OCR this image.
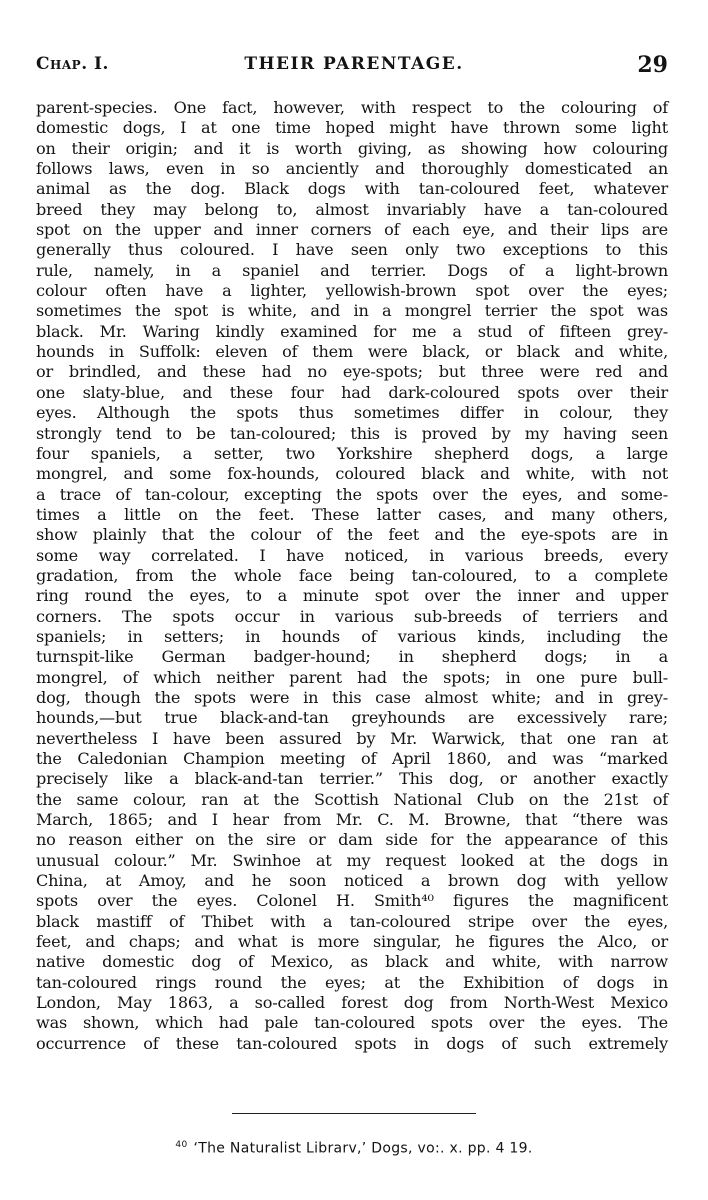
Chap. I.	THEIR PARENTAGE.	29
parent-species. One fact, however, with respect to the colouring of
domestic dogs, I at one time hoped might have thrown some light
on their origin; and it is worth giving, as showing how colouring
follows laws, even in so anciently and thoroughly domesticated an
animal as the dog. Black dogs with tan-coloured feet, whatever
breed they may belong to, almost invariably have a tan-coloured
spot on the upper and inner corners of each eye, and their lips are
generally thus coloured. I have seen only two exceptions to this
rule, namely, in a spaniel and terrier. Dogs of a light-brown
colour often have a lighter, yellowish-brown spot over the eyes;
sometimes the spot is white, and in a mongrel terrier the spot was
black. Mr. Waring kindly examined for me a stud of fifteen grey-
hounds in Suffolk: eleven of them were black, or black and white,
or brindled, and these had no eye-spots; but three were red and
one slaty-blue, and these four had dark-coloured spots over their
eyes. Although the spots thus sometimes differ in colour, they
strongly tend to be tan-coloured; this is proved by my having seen
four spaniels, a setter, two Yorkshire shepherd dogs, a large
mongrel, and some fox-hounds, coloured black and white, with not
a trace of tan-colour, excepting the spots over the eyes, and some-
times a little on the feet. These latter cases, and many others,
show plainly that the colour of the feet and the eye-spots are in
some way correlated. I have noticed, in various breeds, every
gradation, from the whole face being tan-coloured, to a complete
ring round the eyes, to a minute spot over the inner and upper
corners. The spots occur in various sub-breeds of terriers and
spaniels; in setters; in hounds of various kinds, including the
turnspit-like German badger-hound; in shepherd dogs; in a
mongrel, of which neither parent had the spots; in one pure bull-
dog, though the spots were in this case almost white; and in grey-
hounds,—but true black-and-tan greyhounds are excessively rare;
nevertheless I have been assured by Mr. Warwick, that one ran at
the Caledonian Champion meeting of April 1860, and was “marked
precisely like a black-and-tan terrier.” This dog, or another exactly
the same colour, ran at the Scottish National Club on the 21st of
March, 1865; and I hear from Mr. C. M. Browne, that “there was
no reason either on the sire or dam side for the appearance of this
unusual colour.” Mr. Swinhoe at my request looked at the dogs in
China, at Amoy, and he soon noticed a brown dog with yellow
spots over the eyes. Colonel H. Smith⁴⁰ figures the magnificent
black mastiff of Thibet with a tan-coloured stripe over the eyes,
feet, and chaps; and what is more singular, he figures the Alco, or
native domestic dog of Mexico, as black and white, with narrow
tan-coloured rings round the eyes; at the Exhibition of dogs in
London, May 1863, a so-called forest dog from North-West Mexico
was shown, which had pale tan-coloured spots over the eyes. The
occurrence of these tan-coloured spots in dogs of such extremely
$^{40}$ ‘The Naturalist Librarv,’ Dogs, vo:. x. pp. 4 19.
